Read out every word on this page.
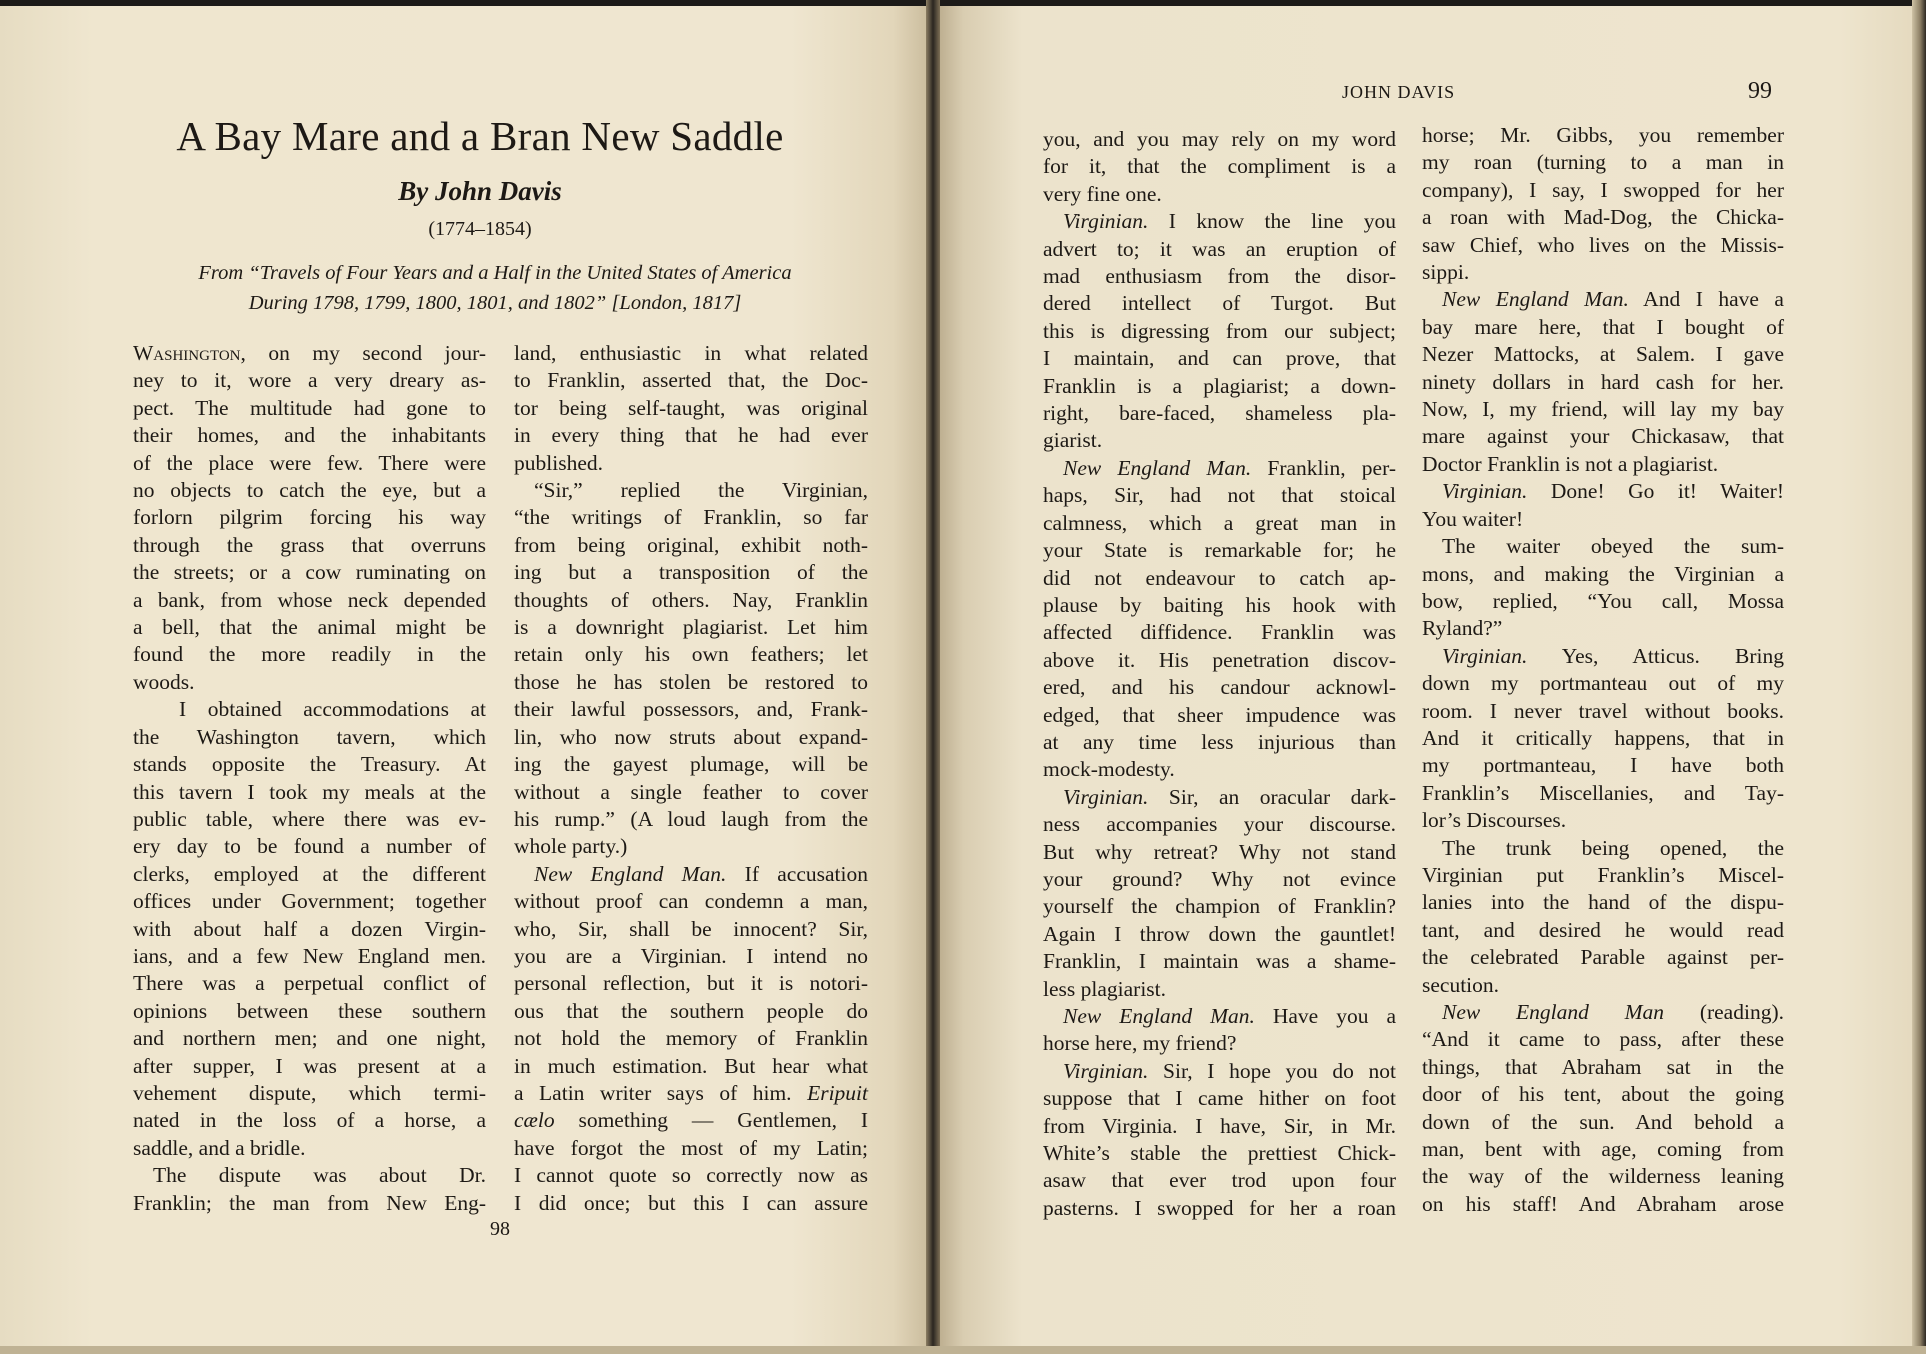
A Bay Mare and a Bran New Saddle
By John Davis
(1774–1854)
From “Travels of Four Years and a Half in the United States of America
During 1798, 1799, 1800, 1801, and 1802” [London, 1817]
Washington, on my second jour-
ney to it, wore a very dreary as-
pect. The multitude had gone to
their homes, and the inhabitants
of the place were few. There were
no objects to catch the eye, but a
forlorn pilgrim forcing his way
through the grass that overruns
the streets; or a cow ruminating on
a bank, from whose neck depended
a bell, that the animal might be
found the more readily in the
woods.
I obtained accommodations at
the Washington tavern, which
stands opposite the Treasury. At
this tavern I took my meals at the
public table, where there was ev-
ery day to be found a number of
clerks, employed at the different
offices under Government; together
with about half a dozen Virgin-
ians, and a few New England men.
There was a perpetual conflict of
opinions between these southern
and northern men; and one night,
after supper, I was present at a
vehement dispute, which termi-
nated in the loss of a horse, a
saddle, and a bridle.
The dispute was about Dr.
Franklin; the man from New Eng-
land, enthusiastic in what related
to Franklin, asserted that, the Doc-
tor being self-taught, was original
in every thing that he had ever
published.
“Sir,” replied the Virginian,
“the writings of Franklin, so far
from being original, exhibit noth-
ing but a transposition of the
thoughts of others. Nay, Franklin
is a downright plagiarist. Let him
retain only his own feathers; let
those he has stolen be restored to
their lawful possessors, and, Frank-
lin, who now struts about expand-
ing the gayest plumage, will be
without a single feather to cover
his rump.” (A loud laugh from the
whole party.)
New England Man. If accusation
without proof can condemn a man,
who, Sir, shall be innocent? Sir,
you are a Virginian. I intend no
personal reflection, but it is notori-
ous that the southern people do
not hold the memory of Franklin
in much estimation. But hear what
a Latin writer says of him. Eripuit
cælo something — Gentlemen, I
have forgot the most of my Latin;
I cannot quote so correctly now as
I did once; but this I can assure
98
JOHN DAVIS	99
you, and you may rely on my word
for it, that the compliment is a
very fine one.
Virginian. I know the line you
advert to; it was an eruption of
mad enthusiasm from the disor-
dered intellect of Turgot. But
this is digressing from our subject;
I maintain, and can prove, that
Franklin is a plagiarist; a down-
right, bare-faced, shameless pla-
giarist.
New England Man. Franklin, per-
haps, Sir, had not that stoical
calmness, which a great man in
your State is remarkable for; he
did not endeavour to catch ap-
plause by baiting his hook with
affected diffidence. Franklin was
above it. His penetration discov-
ered, and his candour acknowl-
edged, that sheer impudence was
at any time less injurious than
mock-modesty.
Virginian. Sir, an oracular dark-
ness accompanies your discourse.
But why retreat? Why not stand
your ground? Why not evince
yourself the champion of Franklin?
Again I throw down the gauntlet!
Franklin, I maintain was a shame-
less plagiarist.
New England Man. Have you a
horse here, my friend?
Virginian. Sir, I hope you do not
suppose that I came hither on foot
from Virginia. I have, Sir, in Mr.
White’s stable the prettiest Chick-
asaw that ever trod upon four
pasterns. I swopped for her a roan
horse; Mr. Gibbs, you remember
my roan (turning to a man in
company), I say, I swopped for her
a roan with Mad-Dog, the Chicka-
saw Chief, who lives on the Missis-
sippi.
New England Man. And I have a
bay mare here, that I bought of
Nezer Mattocks, at Salem. I gave
ninety dollars in hard cash for her.
Now, I, my friend, will lay my bay
mare against your Chickasaw, that
Doctor Franklin is not a plagiarist.
Virginian. Done! Go it! Waiter!
You waiter!
The waiter obeyed the sum-
mons, and making the Virginian a
bow, replied, “You call, Mossa
Ryland?”
Virginian. Yes, Atticus. Bring
down my portmanteau out of my
room. I never travel without books.
And it critically happens, that in
my portmanteau, I have both
Franklin’s Miscellanies, and Tay-
lor’s Discourses.
The trunk being opened, the
Virginian put Franklin’s Miscel-
lanies into the hand of the dispu-
tant, and desired he would read
the celebrated Parable against per-
secution.
New England Man (reading).
“And it came to pass, after these
things, that Abraham sat in the
door of his tent, about the going
down of the sun. And behold a
man, bent with age, coming from
the way of the wilderness leaning
on his staff! And Abraham arose
